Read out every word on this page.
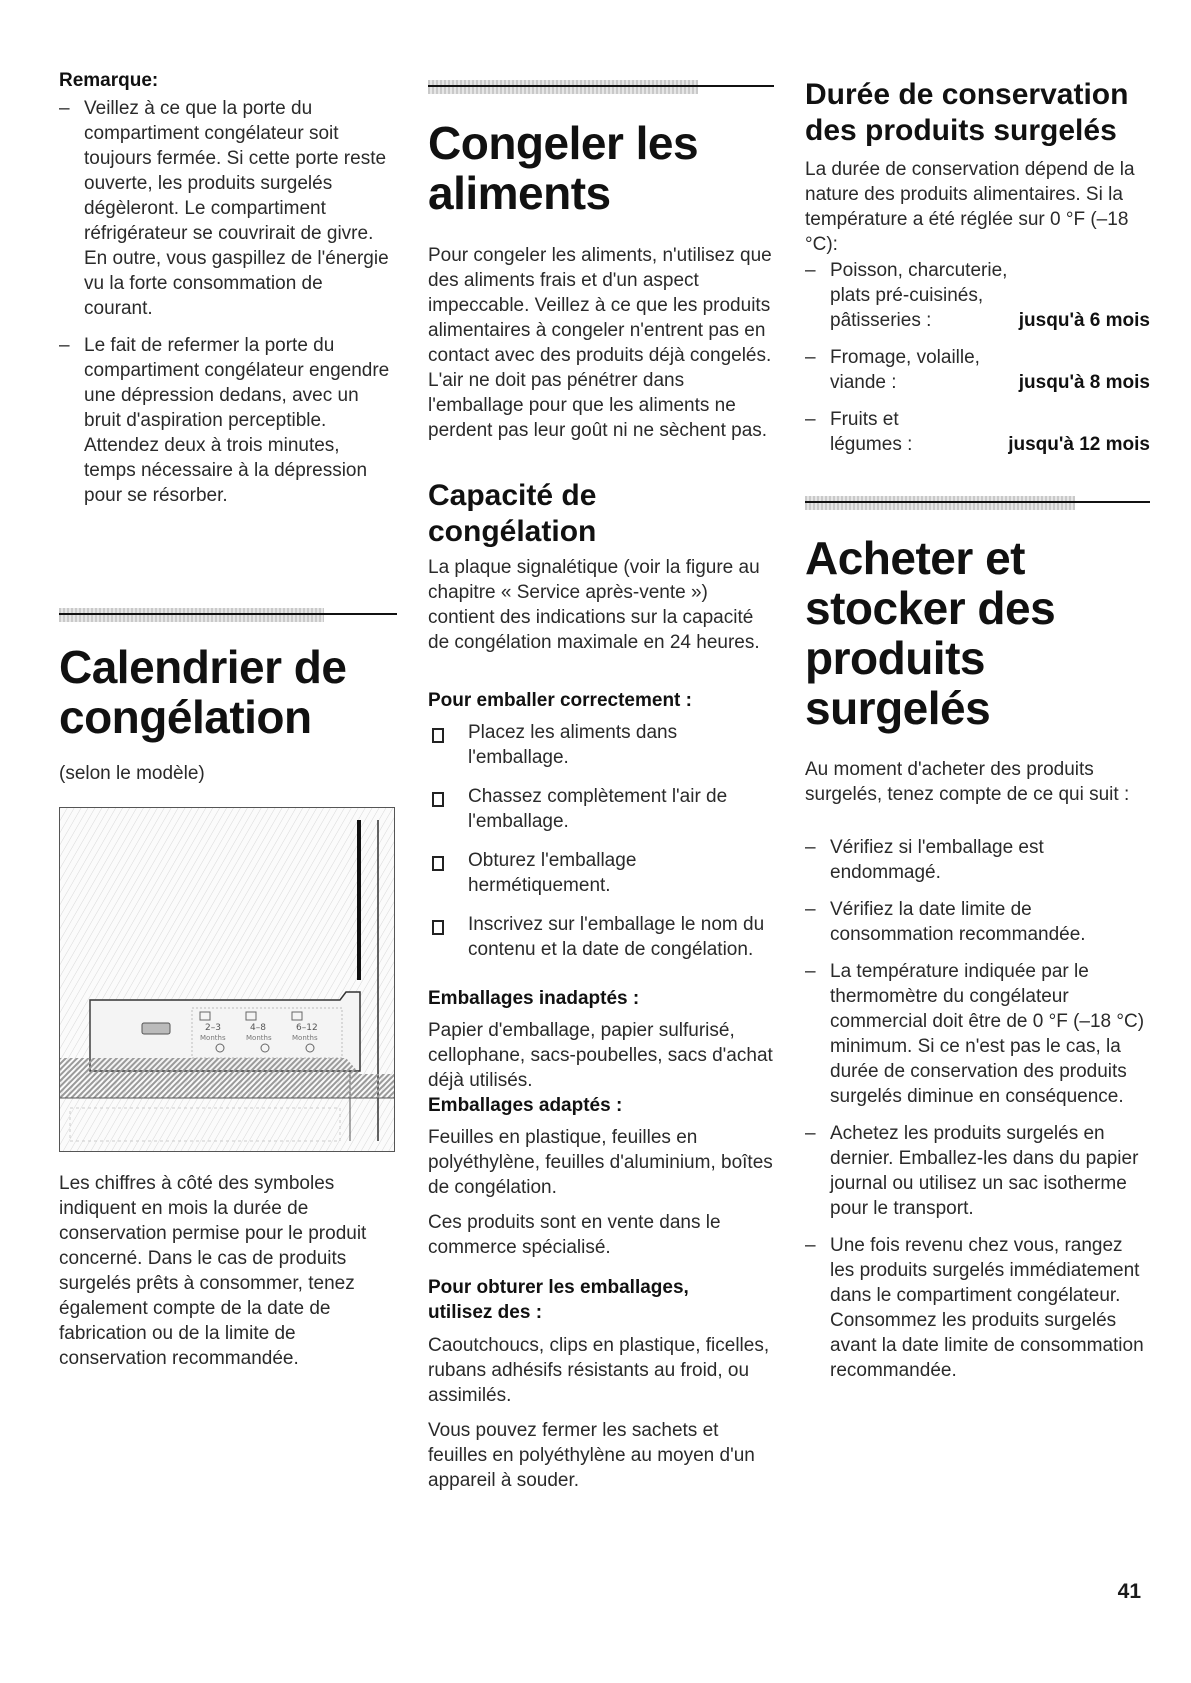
Remarque:
– Veillez à ce que la porte du compartiment congélateur soit toujours fermée. Si cette porte reste ouverte, les produits surgelés dégèleront. Le compartiment réfrigérateur se couvrirait de givre. En outre, vous gaspillez de l'énergie vu la forte consommation de courant.
– Le fait de refermer la porte du compartiment congélateur engendre une dépression dedans, avec un bruit d'aspiration perceptible. Attendez deux à trois minutes, temps nécessaire à la dépression pour se résorber.
Calendrier de
congélation
(selon le modèle)
2–3	4–8	6–12
Months	Months	Months

Les chiffres à côté des symboles indiquent en mois la durée de conservation permise pour le produit concerné. Dans le cas de produits surgelés prêts à consommer, tenez également compte de la date de fabrication ou de la limite de conservation recommandée.

Congeler les
aliments

Pour congeler les aliments, n'utilisez que des aliments frais et d'un aspect impeccable. Veillez à ce que les produits alimentaires à congeler n'entrent pas en contact avec des produits déjà congelés. L'air ne doit pas pénétrer dans l'emballage pour que les aliments ne perdent pas leur goût ni ne sèchent pas.

Capacité de
congélation

La plaque signalétique (voir la figure au chapitre « Service après-vente ») contient des indications sur la capacité de congélation maximale en 24 heures.

Pour emballer correctement :
Placez les aliments dans l'emballage.
Chassez complètement l'air de l'emballage.
Obturez l'emballage hermétiquement.
Inscrivez sur l'emballage le nom du contenu et la date de congélation.
Emballages inadaptés :

Papier d'emballage, papier sulfurisé, cellophane, sacs-poubelles, sacs d'achat déjà utilisés.

Emballages adaptés :

Feuilles en plastique, feuilles en polyéthylène, feuilles d'aluminium, boîtes de congélation.

Ces produits sont en vente dans le commerce spécialisé.

Pour obturer les emballages,
utilisez des :

Caoutchoucs, clips en plastique, ficelles, rubans adhésifs résistants au froid, ou assimilés.

Vous pouvez fermer les sachets et feuilles en polyéthylène au moyen d'un appareil à souder.

Durée de conservation
des produits surgelés

La durée de conservation dépend de la nature des produits alimentaires. Si la température a été réglée sur 0 °F (–18 °C):

– Poisson, charcuterie,
plats pré-cuisinés,
pâtisseries :	jusqu'à 6 mois
– Fromage, volaille,
viande :	jusqu'à 8 mois
– Fruits et
légumes :	jusqu'à 12 mois
Acheter et
stocker des
produits
surgelés

Au moment d'acheter des produits surgelés, tenez compte de ce qui suit :

– Vérifiez si l'emballage est endommagé.
– Vérifiez la date limite de consommation recommandée.
– La température indiquée par le thermomètre du congélateur commercial doit être de 0 °F (–18 °C) minimum. Si ce n'est pas le cas, la durée de conservation des produits surgelés diminue en conséquence.
– Achetez les produits surgelés en dernier. Emballez-les dans du papier journal ou utilisez un sac isotherme pour le transport.
– Une fois revenu chez vous, rangez les produits surgelés immédiatement dans le compartiment congélateur. Consommez les produits surgelés avant la date limite de consommation recommandée.
41
